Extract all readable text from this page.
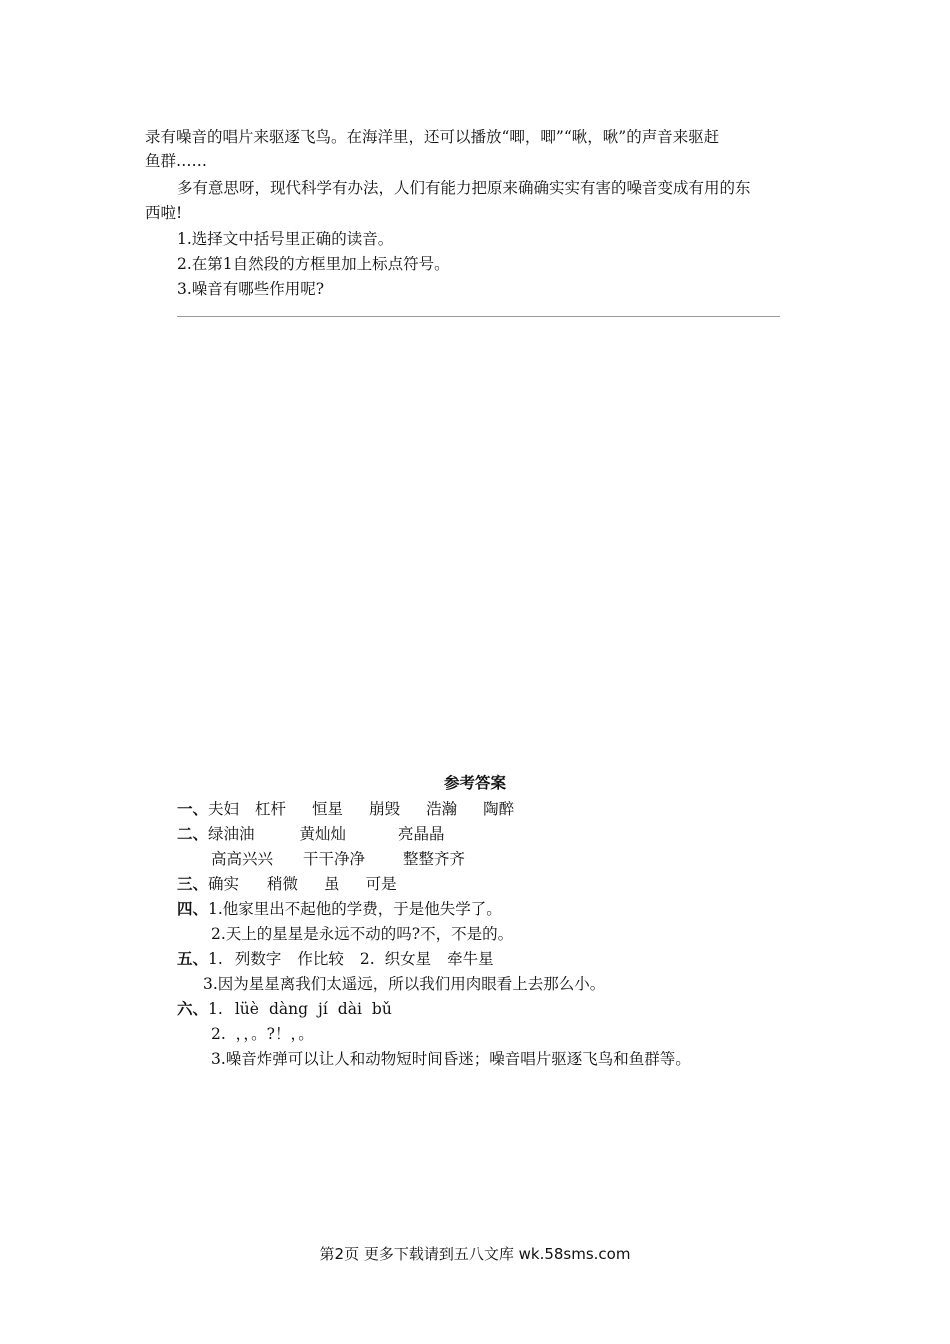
录有噪音的唱片来驱逐飞鸟。在海洋里，还可以播放“唧，唧”“啾，啾”的声音来驱赶
鱼群……
多有意思呀，现代科学有办法，人们有能力把原来确确实实有害的噪音变成有用的东
西啦!
1.选择文中括号里正确的读音。
2.在第1自然段的方框里加上标点符号。
3.噪音有哪些作用呢?
参考答案
一、夫妇 杠杆 恒星 崩毁 浩瀚 陶醉
二、绿油油	黄灿灿	亮晶晶
高高兴兴 干干净净 整整齐齐
三、确实 稍微 虽 可是
四、1.他家里出不起他的学费，于是他失学了。
2.天上的星星是永远不动的吗?不，不是的。
五、1. 列数字 作比较 2. 织女星 牵牛星
3.因为星星离我们太遥远，所以我们用肉眼看上去那么小。
六、1. lüè dàng jí dài bǔ
2.  ，，。?！，。
3.噪音炸弹可以让人和动物短时间昏迷；噪音唱片驱逐飞鸟和鱼群等。
第2页 更多下载请到五八文库 wk.58sms.com
